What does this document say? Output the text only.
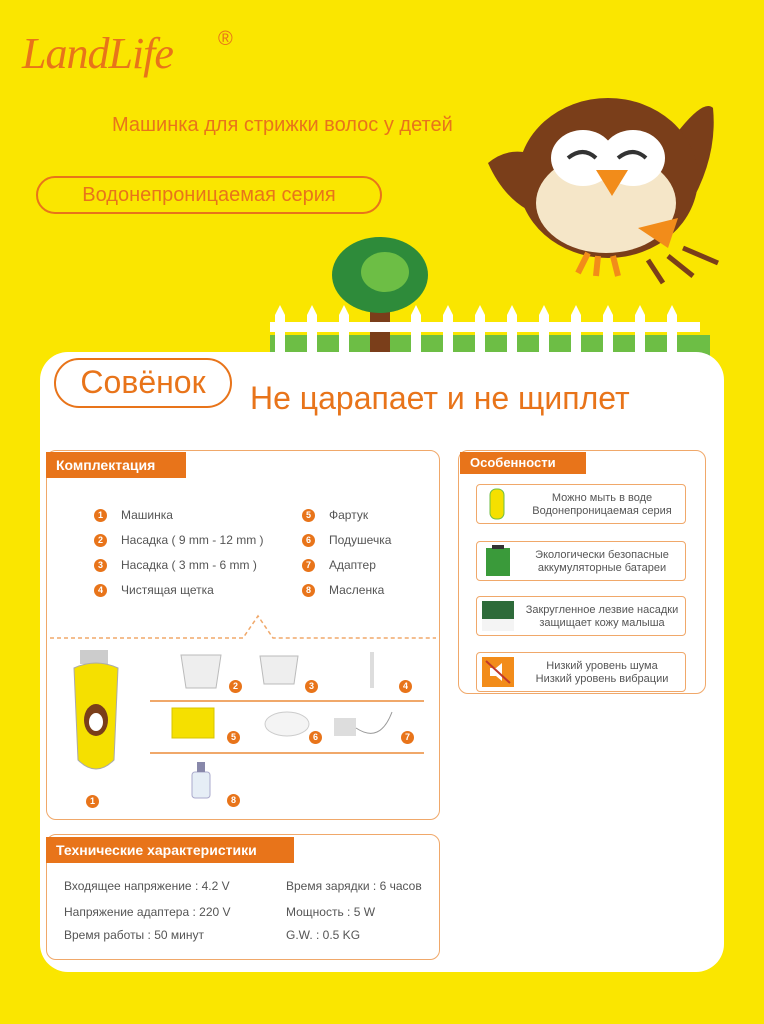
LandLife ®
Машинка для стрижки волос у детей
Водонепроницаемая серия
Совёнок	Не царапает и не щиплет
Комплектация
1	Машинка
2	Насадка ( 9 mm - 12 mm )
3	Насадка ( 3 mm - 6 mm )
4	Чистящая щетка
5	Фартук
6	Подушечка
7	Адаптер
8	Масленка
1
2	3	4
5	6	7
8
Особенности
Можно мыть в воде
Водонепроницаемая серия
Экологически безопасные
аккумуляторные батареи
Закругленное лезвие насадки
защищает кожу малыша
Низкий уровень шума
Низкий уровень вибрации
Технические характеристики
Входящее напряжение : 4.2 V	Время зарядки : 6 часов
Напряжение адаптера : 220 V	Мощность : 5 W
Время работы : 50 минут	G.W. : 0.5 KG
